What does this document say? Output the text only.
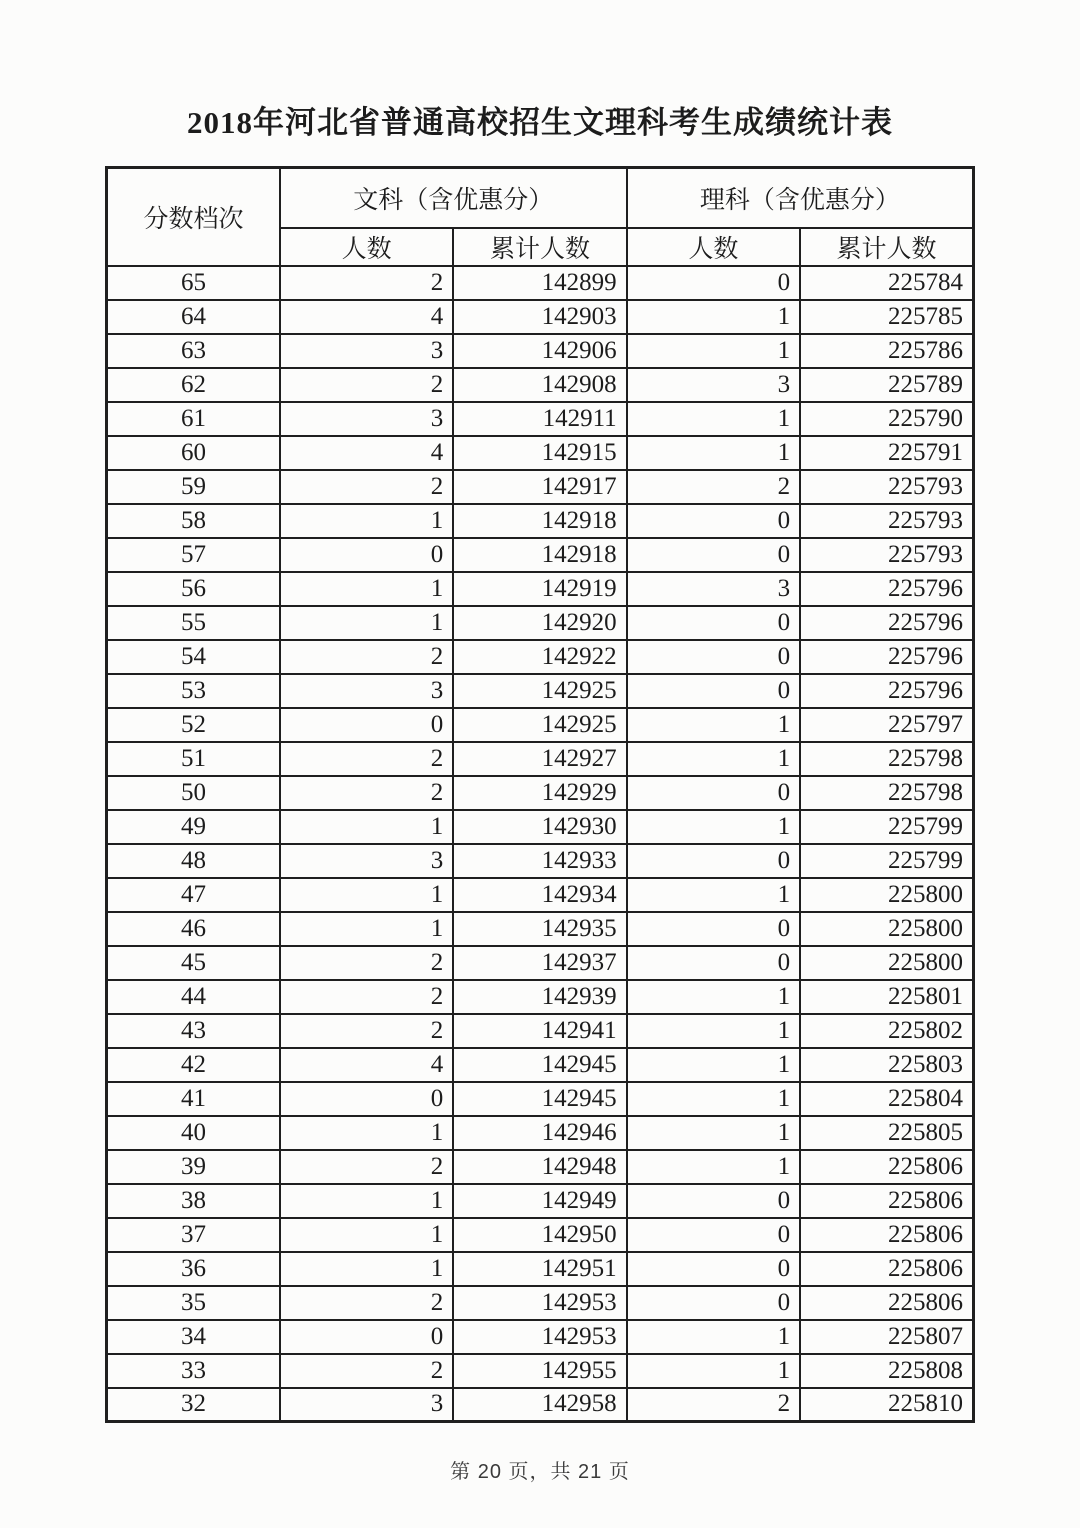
2018年河北省普通高校招生文理科考生成绩统计表
分数档次	文科（含优惠分）		理科（含优惠分）	
	人数	累计人数	人数	累计人数
65	2	142899	0	225784
64	4	142903	1	225785
63	3	142906	1	225786
62	2	142908	3	225789
61	3	142911	1	225790
60	4	142915	1	225791
59	2	142917	2	225793
58	1	142918	0	225793
57	0	142918	0	225793
56	1	142919	3	225796
55	1	142920	0	225796
54	2	142922	0	225796
53	3	142925	0	225796
52	0	142925	1	225797
51	2	142927	1	225798
50	2	142929	0	225798
49	1	142930	1	225799
48	3	142933	0	225799
47	1	142934	1	225800
46	1	142935	0	225800
45	2	142937	0	225800
44	2	142939	1	225801
43	2	142941	1	225802
42	4	142945	1	225803
41	0	142945	1	225804
40	1	142946	1	225805
39	2	142948	1	225806
38	1	142949	0	225806
37	1	142950	0	225806
36	1	142951	0	225806
35	2	142953	0	225806
34	0	142953	1	225807
33	2	142955	1	225808
32	3	142958	2	225810
第 20 页，共 21 页
